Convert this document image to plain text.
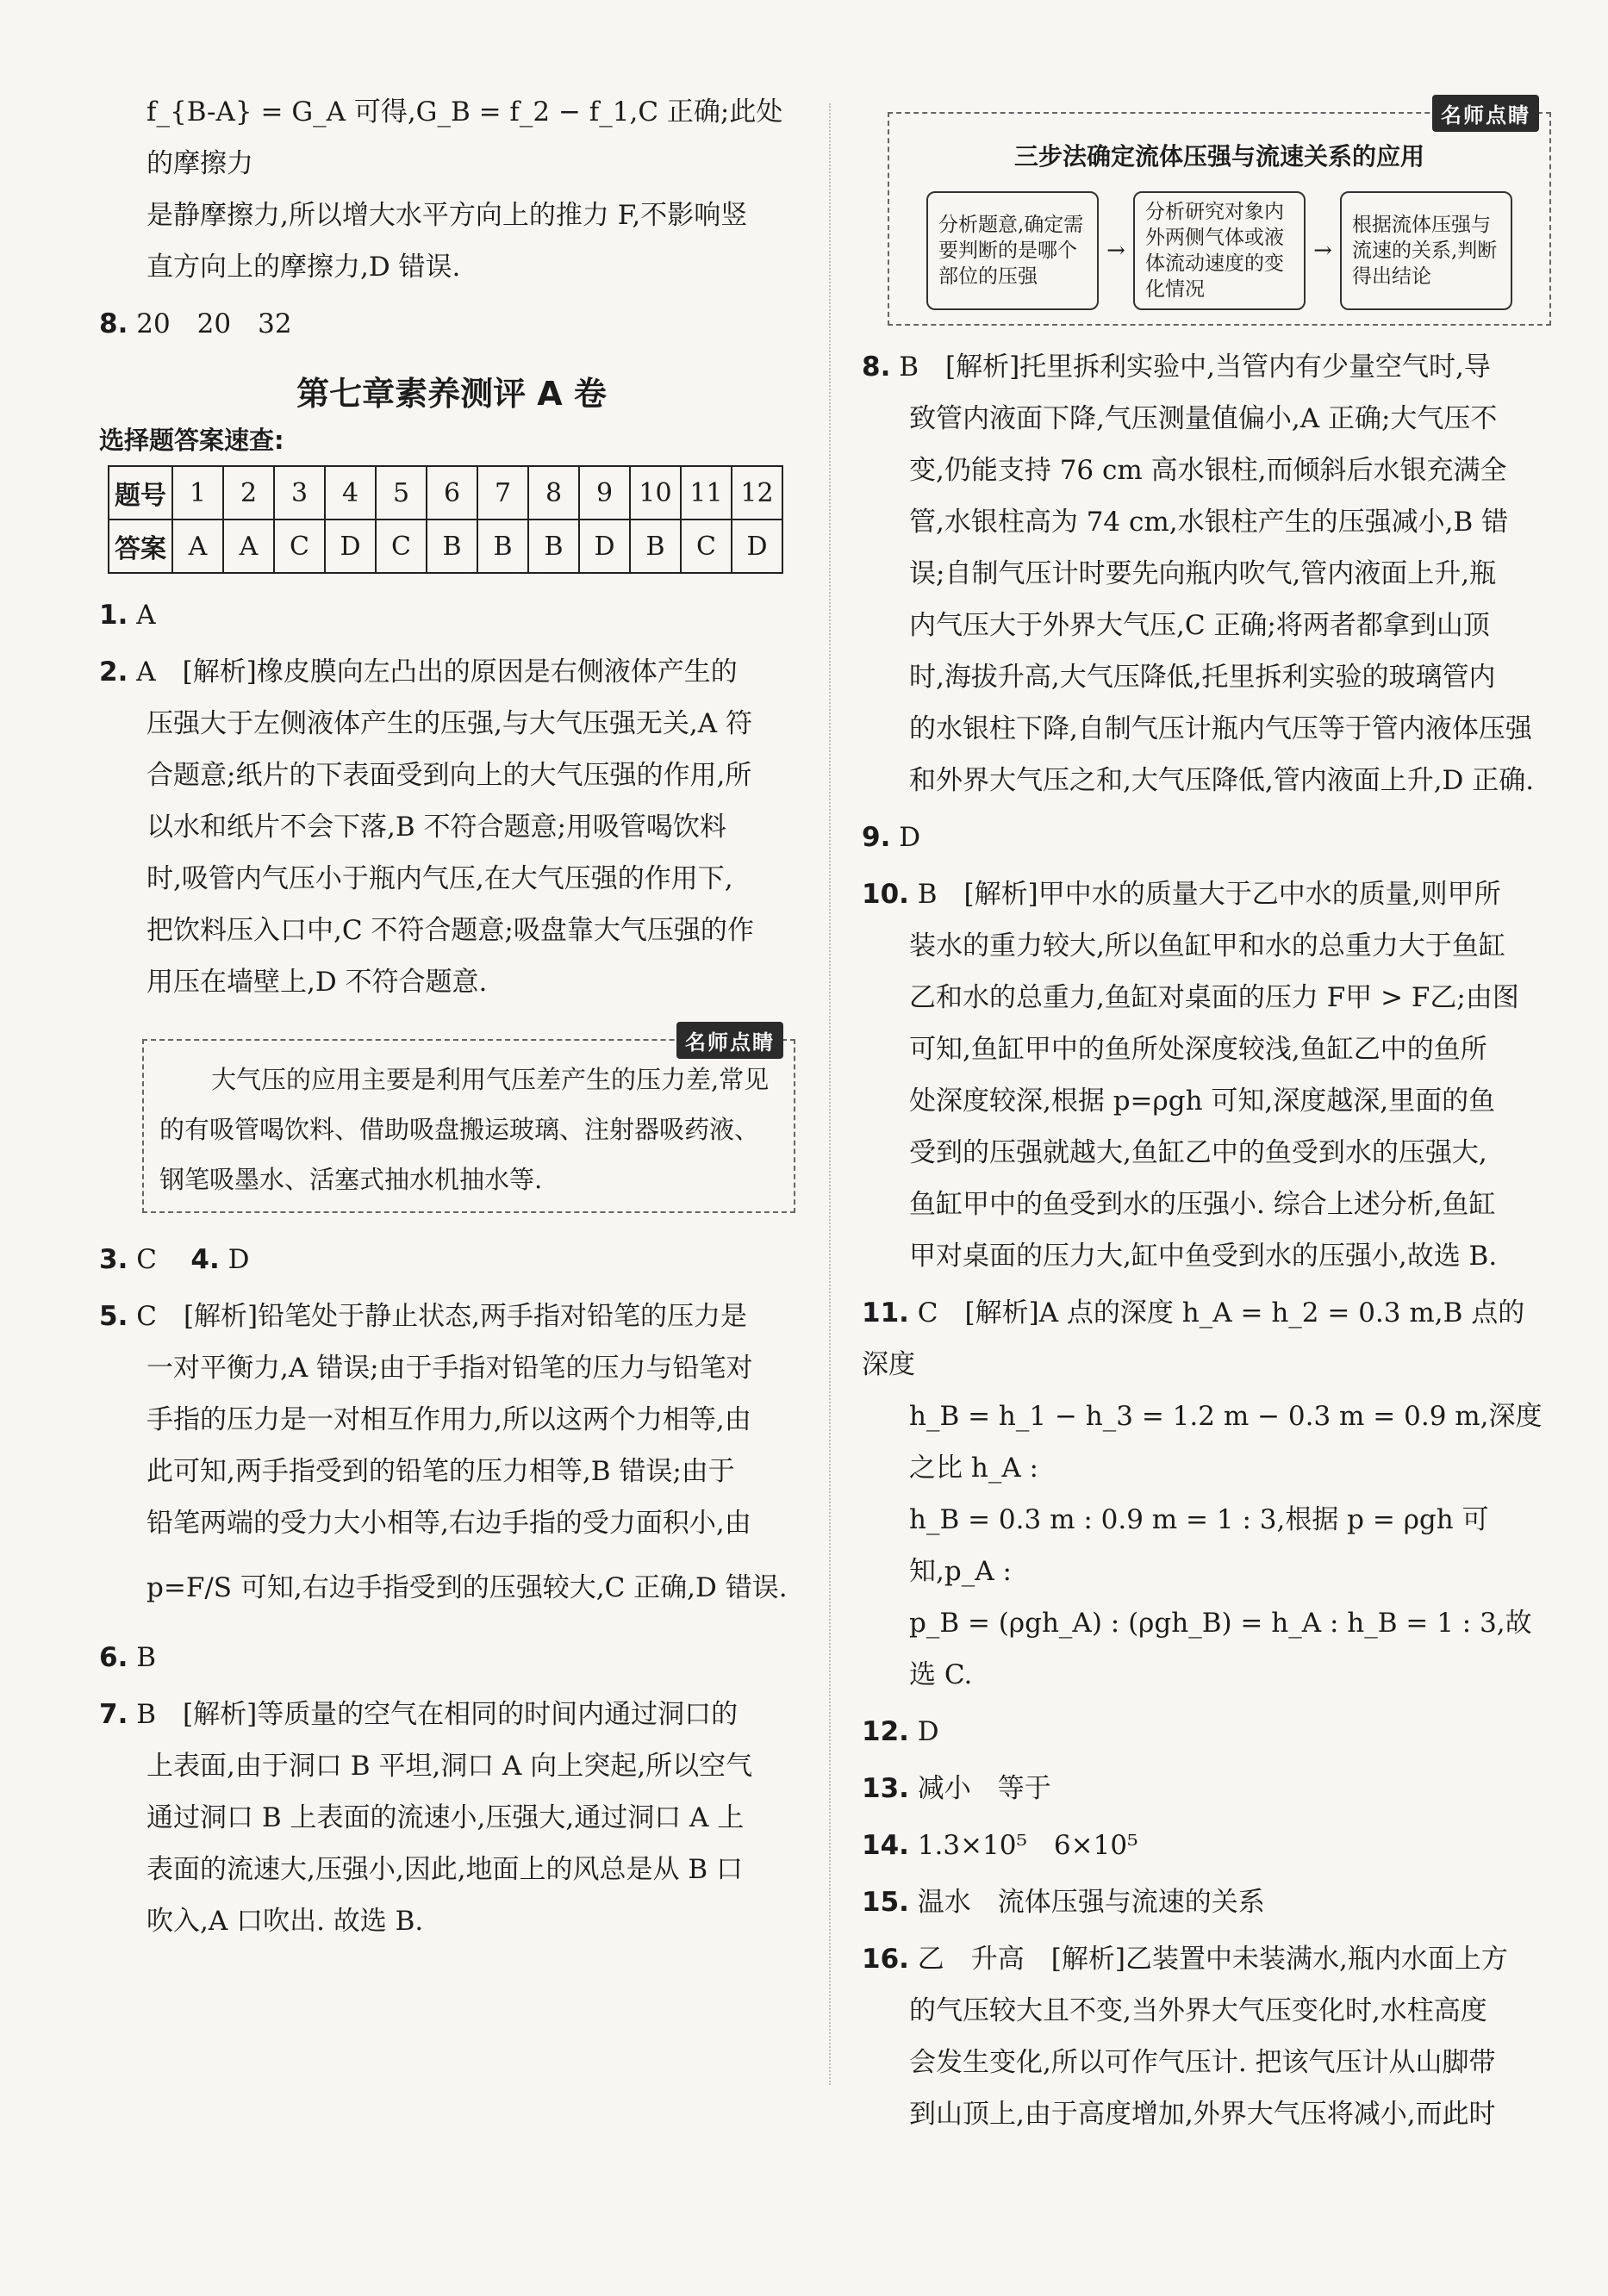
f_{B-A} = G_A 可得,G_B = f_2 − f_1,C 正确;此处的摩擦力

是静摩擦力,所以增大水平方向上的推力 F,不影响竖

直方向上的摩擦力,D 错误.

8. 20　20　32

第七章素养测评 A 卷
选择题答案速查:
题号	1	2	3	4	5	6	7	8	9	10	11	12
答案	A	A	C	D	C	B	B	B	D	B	C	D

1. A

2. A　[解析]橡皮膜向左凸出的原因是右侧液体产生的

压强大于左侧液体产生的压强,与大气压强无关,A 符

合题意;纸片的下表面受到向上的大气压强的作用,所

以水和纸片不会下落,B 不符合题意;用吸管喝饮料

时,吸管内气压小于瓶内气压,在大气压强的作用下,

把饮料压入口中,C 不符合题意;吸盘靠大气压强的作

用压在墙壁上,D 不符合题意.

名师点睛

大气压的应用主要是利用气压差产生的压力差,常见的有吸管喝饮料、借助吸盘搬运玻璃、注射器吸药液、钢笔吸墨水、活塞式抽水机抽水等.

3. C 4. D

5. C　[解析]铅笔处于静止状态,两手指对铅笔的压力是

一对平衡力,A 错误;由于手指对铅笔的压力与铅笔对

手指的压力是一对相互作用力,所以这两个力相等,由

此可知,两手指受到的铅笔的压力相等,B 错误;由于

铅笔两端的受力大小相等,右边手指的受力面积小,由

p=F/S 可知,右边手指受到的压强较大,C 正确,D 错误.

6. B

7. B　[解析]等质量的空气在相同的时间内通过洞口的

上表面,由于洞口 B 平坦,洞口 A 向上突起,所以空气

通过洞口 B 上表面的流速小,压强大,通过洞口 A 上

表面的流速大,压强小,因此,地面上的风总是从 B 口

吹入,A 口吹出. 故选 B.

名师点睛
三步法确定流体压强与流速关系的应用
分析题意,确定需要判断的是哪个部位的压强
→
分析研究对象内外两侧气体或液体流动速度的变化情况
→
根据流体压强与流速的关系,判断得出结论

8. B　[解析]托里拆利实验中,当管内有少量空气时,导

致管内液面下降,气压测量值偏小,A 正确;大气压不

变,仍能支持 76 cm 高水银柱,而倾斜后水银充满全

管,水银柱高为 74 cm,水银柱产生的压强减小,B 错

误;自制气压计时要先向瓶内吹气,管内液面上升,瓶

内气压大于外界大气压,C 正确;将两者都拿到山顶

时,海拔升高,大气压降低,托里拆利实验的玻璃管内

的水银柱下降,自制气压计瓶内气压等于管内液体压强

和外界大气压之和,大气压降低,管内液面上升,D 正确.

9. D

10. B　[解析]甲中水的质量大于乙中水的质量,则甲所

装水的重力较大,所以鱼缸甲和水的总重力大于鱼缸

乙和水的总重力,鱼缸对桌面的压力 F甲 > F乙;由图

可知,鱼缸甲中的鱼所处深度较浅,鱼缸乙中的鱼所

处深度较深,根据 p=ρgh 可知,深度越深,里面的鱼

受到的压强就越大,鱼缸乙中的鱼受到水的压强大,

鱼缸甲中的鱼受到水的压强小. 综合上述分析,鱼缸

甲对桌面的压力大,缸中鱼受到水的压强小,故选 B.

11. C　[解析]A 点的深度 h_A = h_2 = 0.3 m,B 点的深度

h_B = h_1 − h_3 = 1.2 m − 0.3 m = 0.9 m,深度之比 h_A :

h_B = 0.3 m : 0.9 m = 1 : 3,根据 p = ρgh 可知,p_A :

p_B = (ρgh_A) : (ρgh_B) = h_A : h_B = 1 : 3,故选 C.

12. D

13. 减小　等于

14. 1.3×10⁵　6×10⁵

15. 温水　流体压强与流速的关系

16. 乙　升高　[解析]乙装置中未装满水,瓶内水面上方

的气压较大且不变,当外界大气压变化时,水柱高度

会发生变化,所以可作气压计. 把该气压计从山脚带

到山顶上,由于高度增加,外界大气压将减小,而此时
